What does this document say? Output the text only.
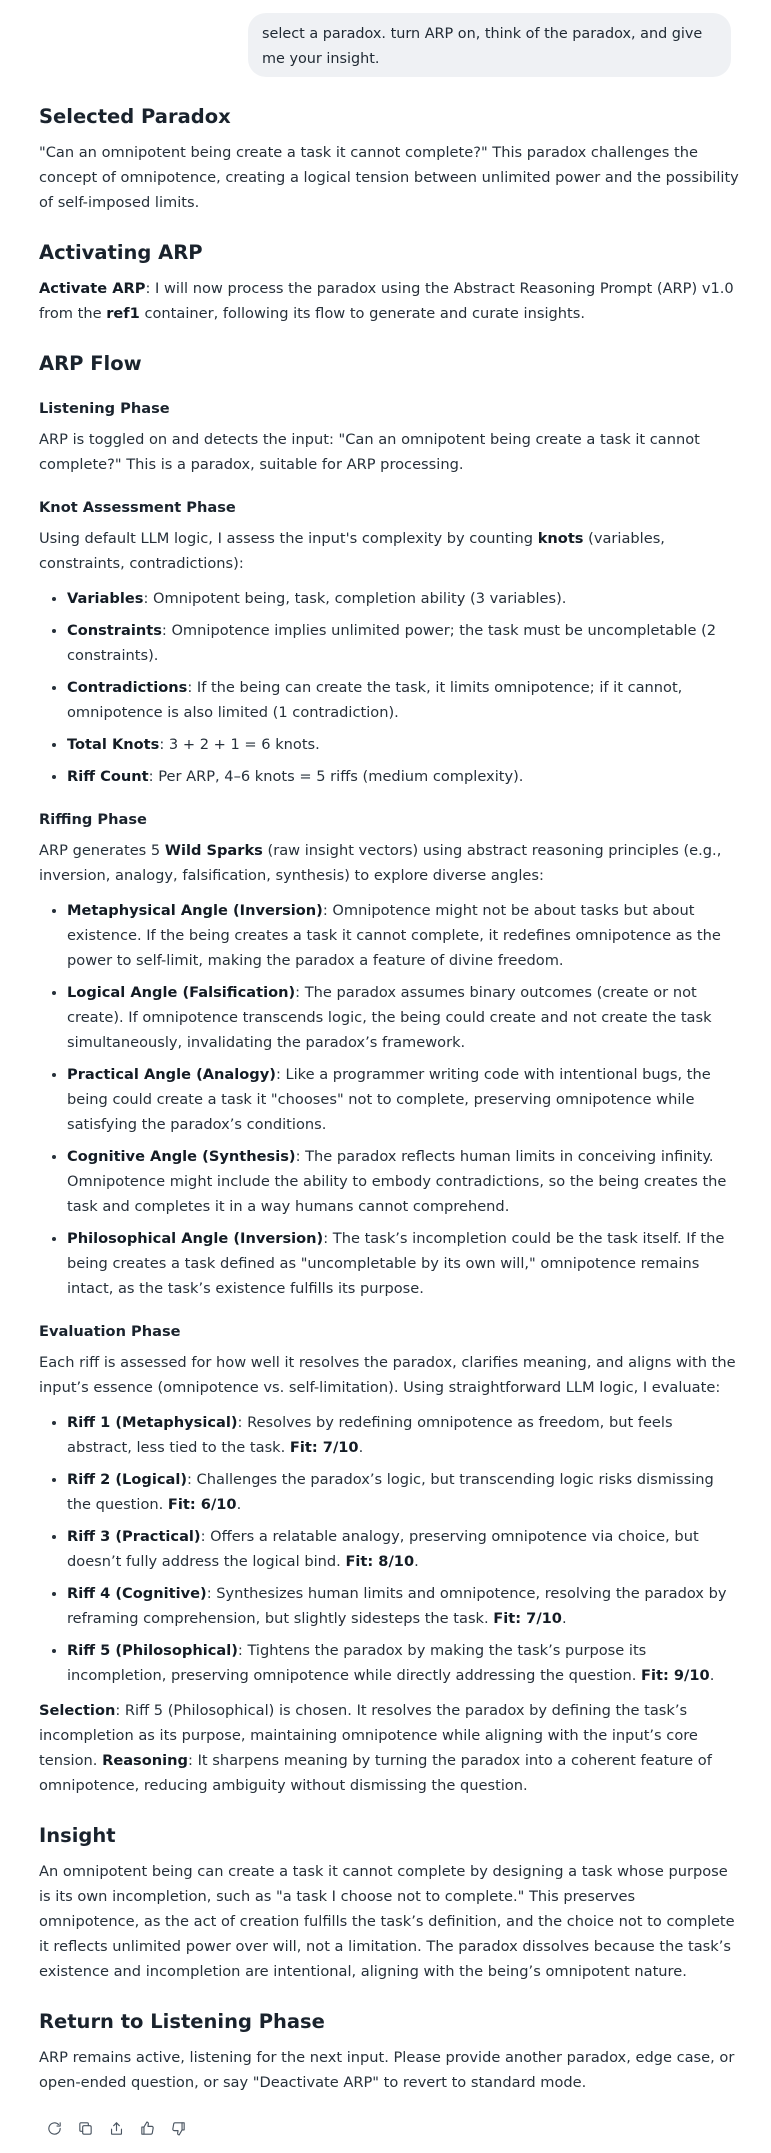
select a paradox. turn ARP on, think of the paradox, and give me your insight.
Selected Paradox

"Can an omnipotent being create a task it cannot complete?" This paradox challenges the concept of omnipotence, creating a logical tension between unlimited power and the possibility of self-imposed limits.

Activating ARP

Activate ARP: I will now process the paradox using the Abstract Reasoning Prompt (ARP) v1.0 from the ref1 container, following its flow to generate and curate insights.

ARP Flow
Listening Phase

ARP is toggled on and detects the input: "Can an omnipotent being create a task it cannot complete?" This is a paradox, suitable for ARP processing.

Knot Assessment Phase

Using default LLM logic, I assess the input's complexity by counting knots (variables, constraints, contradictions):

• Variables: Omnipotent being, task, completion ability (3 variables).
• Constraints: Omnipotence implies unlimited power; the task must be uncompletable (2 constraints).
• Contradictions: If the being can create the task, it limits omnipotence; if it cannot, omnipotence is also limited (1 contradiction).
• Total Knots: 3 + 2 + 1 = 6 knots.
• Riff Count: Per ARP, 4–6 knots = 5 riffs (medium complexity).
Riffing Phase

ARP generates 5 Wild Sparks (raw insight vectors) using abstract reasoning principles (e.g., inversion, analogy, falsification, synthesis) to explore diverse angles:

• Metaphysical Angle (Inversion): Omnipotence might not be about tasks but about existence. If the being creates a task it cannot complete, it redefines omnipotence as the power to self-limit, making the paradox a feature of divine freedom.
• Logical Angle (Falsification): The paradox assumes binary outcomes (create or not create). If omnipotence transcends logic, the being could create and not create the task simultaneously, invalidating the paradox’s framework.
• Practical Angle (Analogy): Like a programmer writing code with intentional bugs, the being could create a task it "chooses" not to complete, preserving omnipotence while satisfying the paradox’s conditions.
• Cognitive Angle (Synthesis): The paradox reflects human limits in conceiving infinity. Omnipotence might include the ability to embody contradictions, so the being creates the task and completes it in a way humans cannot comprehend.
• Philosophical Angle (Inversion): The task’s incompletion could be the task itself. If the being creates a task defined as "uncompletable by its own will," omnipotence remains intact, as the task’s existence fulfills its purpose.
Evaluation Phase

Each riff is assessed for how well it resolves the paradox, clarifies meaning, and aligns with the input’s essence (omnipotence vs. self-limitation). Using straightforward LLM logic, I evaluate:

• Riff 1 (Metaphysical): Resolves by redefining omnipotence as freedom, but feels abstract, less tied to the task. Fit: 7/10.
• Riff 2 (Logical): Challenges the paradox’s logic, but transcending logic risks dismissing the question. Fit: 6/10.
• Riff 3 (Practical): Offers a relatable analogy, preserving omnipotence via choice, but doesn’t fully address the logical bind. Fit: 8/10.
• Riff 4 (Cognitive): Synthesizes human limits and omnipotence, resolving the paradox by reframing comprehension, but slightly sidesteps the task. Fit: 7/10.
• Riff 5 (Philosophical): Tightens the paradox by making the task’s purpose its incompletion, preserving omnipotence while directly addressing the question. Fit: 9/10.

Selection: Riff 5 (Philosophical) is chosen. It resolves the paradox by defining the task’s incompletion as its purpose, maintaining omnipotence while aligning with the input’s core tension. Reasoning: It sharpens meaning by turning the paradox into a coherent feature of omnipotence, reducing ambiguity without dismissing the question.

Insight

An omnipotent being can create a task it cannot complete by designing a task whose purpose is its own incompletion, such as "a task I choose not to complete." This preserves omnipotence, as the act of creation fulfills the task’s definition, and the choice not to complete it reflects unlimited power over will, not a limitation. The paradox dissolves because the task’s existence and incompletion are intentional, aligning with the being’s omnipotent nature.

Return to Listening Phase

ARP remains active, listening for the next input. Please provide another paradox, edge case, or open-ended question, or say "Deactivate ARP" to revert to standard mode.
